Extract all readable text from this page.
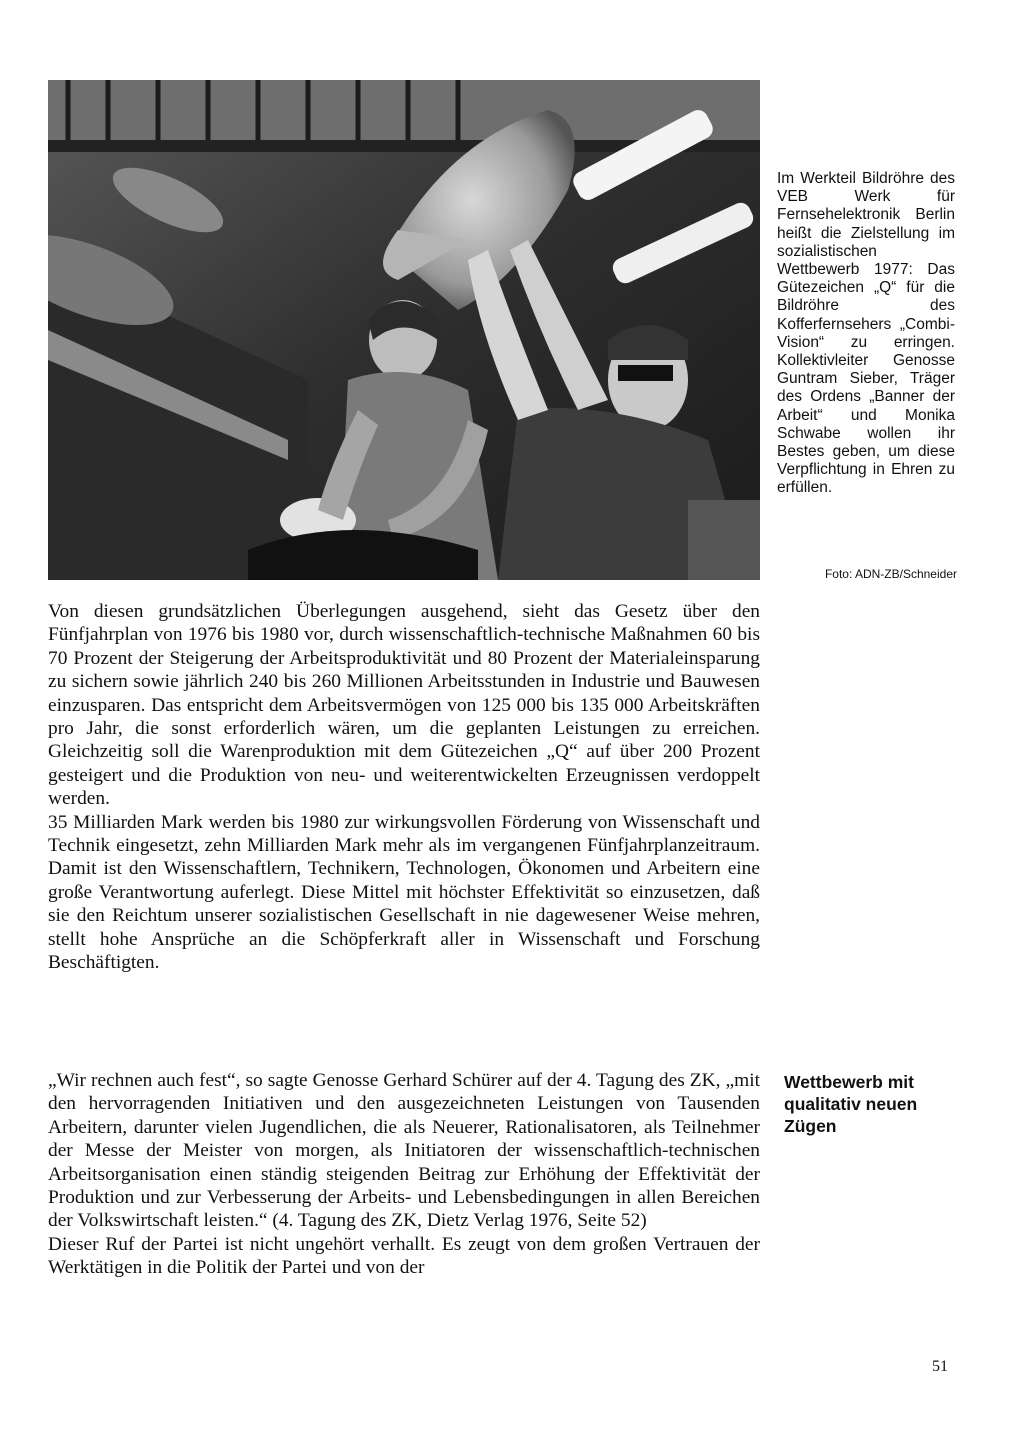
Im Werkteil Bildröhre des VEB Werk für Fernsehelektronik Berlin heißt die Zielstellung im sozialistischen Wettbewerb 1977: Das Gütezeichen „Q“ für die Bildröhre des Kofferfernsehers „Combi-Vision“ zu erringen. Kollektivleiter Genosse Guntram Sieber, Träger des Ordens „Banner der Arbeit“ und Monika Schwabe wollen ihr Bestes geben, um diese Verpflichtung in Ehren zu erfüllen.

Foto: ADN-ZB/Schneider

Von diesen grundsätzlichen Überlegungen ausgehend, sieht das Gesetz über den Fünfjahrplan von 1976 bis 1980 vor, durch wissenschaftlich-technische Maßnahmen 60 bis 70 Prozent der Steigerung der Arbeitsproduktivität und 80 Prozent der Materialeinsparung zu sichern sowie jährlich 240 bis 260 Millionen Arbeitsstunden in Industrie und Bauwesen einzusparen. Das entspricht dem Arbeitsvermögen von 125 000 bis 135 000 Arbeitskräften pro Jahr, die sonst erforderlich wären, um die geplanten Leistungen zu erreichen. Gleichzeitig soll die Warenproduktion mit dem Gütezeichen „Q“ auf über 200 Prozent gesteigert und die Produktion von neu- und weiterentwickelten Erzeugnissen verdoppelt werden.

35 Milliarden Mark werden bis 1980 zur wirkungsvollen Förderung von Wissenschaft und Technik eingesetzt, zehn Milliarden Mark mehr als im vergangenen Fünfjahrplanzeitraum. Damit ist den Wissenschaftlern, Technikern, Technologen, Ökonomen und Arbeitern eine große Verantwortung auferlegt. Diese Mittel mit höchster Effektivität so einzusetzen, daß sie den Reichtum unserer sozialistischen Gesellschaft in nie dagewesener Weise mehren, stellt hohe Ansprüche an die Schöpferkraft aller in Wissenschaft und Forschung Beschäftigten.

„Wir rechnen auch fest“, so sagte Genosse Gerhard Schürer auf der 4. Tagung des ZK, „mit den hervorragenden Initiativen und den ausgezeichneten Leistungen von Tausenden Arbeitern, darunter vielen Jugendlichen, die als Neuerer, Rationalisatoren, als Teilnehmer der Messe der Meister von morgen, als Initiatoren der wissenschaftlich-technischen Arbeitsorganisation einen ständig steigenden Beitrag zur Erhöhung der Effektivität der Produktion und zur Verbesserung der Arbeits- und Lebensbedingungen in allen Bereichen der Volkswirtschaft leisten.“ (4. Tagung des ZK, Dietz Verlag 1976, Seite 52)

Dieser Ruf der Partei ist nicht ungehört verhallt. Es zeugt von dem großen Vertrauen der Werktätigen in die Politik der Partei und von der

Wettbewerb mit qualitativ neuen Zügen
51
